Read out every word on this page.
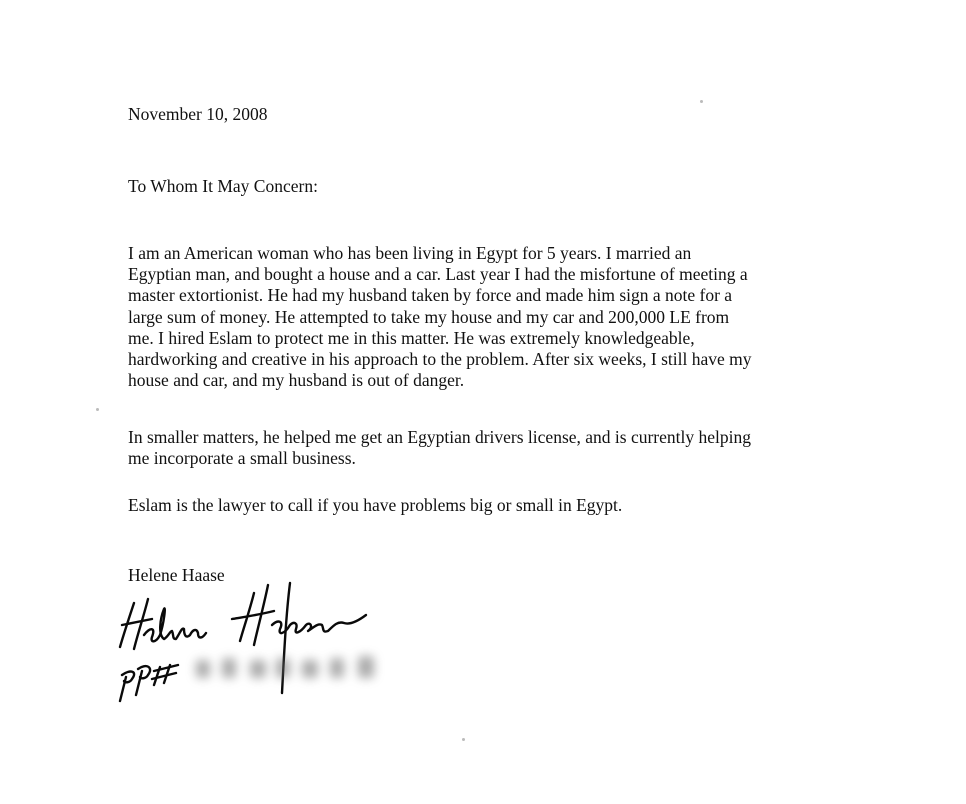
November 10, 2008
To Whom It May Concern:
I am an American woman who has been living in Egypt for 5 years. I married an
Egyptian man, and bought a house and a car. Last year I had the misfortune of meeting a
master extortionist. He had my husband taken by force and made him sign a note for a
large sum of money. He attempted to take my house and my car and 200,000 LE from
me. I hired Eslam to protect me in this matter. He was extremely knowledgeable,
hardworking and creative in his approach to the problem. After six weeks, I still have my
house and car, and my husband is out of danger.
In smaller matters, he helped me get an Egyptian drivers license, and is currently helping
me incorporate a small business.
Eslam is the lawyer to call if you have problems big or small in Egypt.
Helene Haase
